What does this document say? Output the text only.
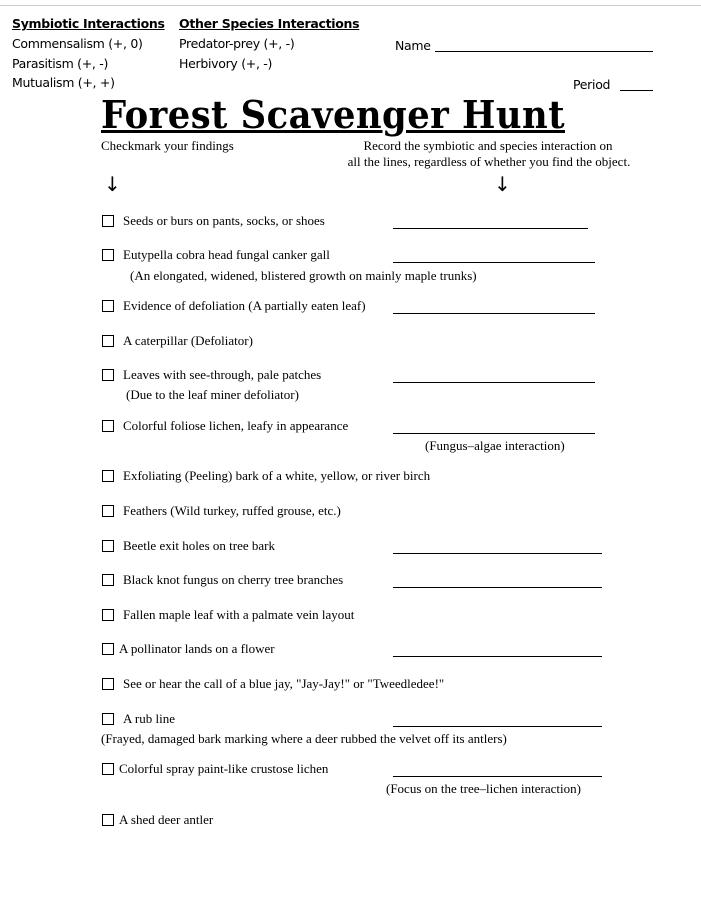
Symbiotic Interactions
Commensalism (+, 0)
Parasitism (+, -)
Mutualism (+, +)
Other Species Interactions
Predator-prey (+, -)
Herbivory (+, -)
Name
Period
Forest Scavenger Hunt
Checkmark your findings	Record the symbiotic and species interaction on
all the lines, regardless of whether you find the object.
↓	↓
Seeds or burs on pants, socks, or shoes
Eutypella cobra head fungal canker gall
(An elongated, widened, blistered growth on mainly maple trunks)
Evidence of defoliation (A partially eaten leaf)
A caterpillar (Defoliator)
Leaves with see-through, pale patches
(Due to the leaf miner defoliator)
Colorful foliose lichen, leafy in appearance
(Fungus–algae interaction)
Exfoliating (Peeling) bark of a white, yellow, or river birch
Feathers (Wild turkey, ruffed grouse, etc.)
Beetle exit holes on tree bark
Black knot fungus on cherry tree branches
Fallen maple leaf with a palmate vein layout
A pollinator lands on a flower
See or hear the call of a blue jay, "Jay-Jay!" or "Tweedledee!"
A rub line
(Frayed, damaged bark marking where a deer rubbed the velvet off its antlers)
Colorful spray paint-like crustose lichen
(Focus on the tree–lichen interaction)
A shed deer antler
